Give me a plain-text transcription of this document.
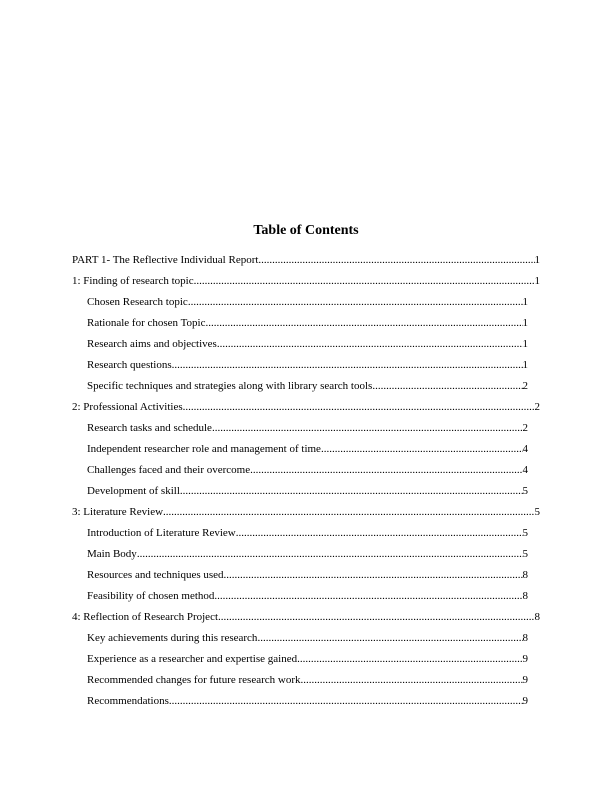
Table of Contents
PART 1- The Reflective Individual Report .....	1
1: Finding of research topic .....	1
Chosen Research topic .....	1
Rationale for chosen Topic .....	1
Research aims and objectives .....	1
Research questions .....	1
Specific techniques and strategies along with library search tools .....	2
2: Professional Activities .....	2
Research tasks and schedule .....	2
Independent researcher role and management of time .....	4
Challenges faced and their overcome .....	4
Development of skill .....	5
3: Literature Review .....	5
Introduction of Literature Review .....	5
Main Body .....	5
Resources and techniques used .....	8
Feasibility of chosen method .....	8
4: Reflection of Research Project .....	8
Key achievements during this research .....	8
Experience as a researcher and expertise gained .....	9
Recommended changes for future research work .....	9
Recommendations .....	9
